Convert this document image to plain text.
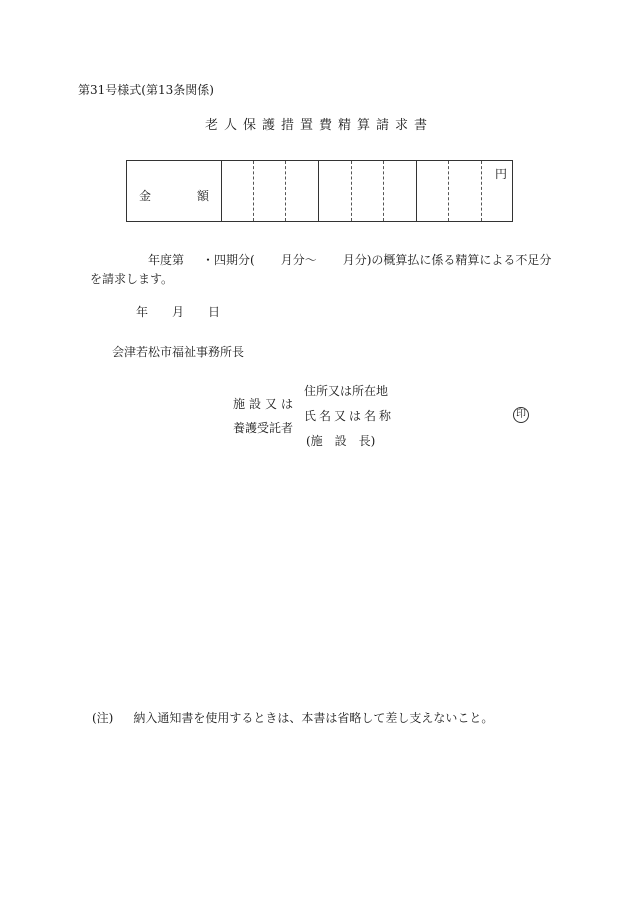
第31号様式(第13条関係)
老人保護措置費精算請求書
金	額
円
年度第 ・四期分( 月分〜 月分)の概算払に係る精算による不足分
を請求します。
年 月 日
会津若松市福祉事務所長
施設又は
養護受託者
住所又は所在地
氏名又は名称
(施　設　長)
印
(注) 納入通知書を使用するときは、本書は省略して差し支えないこと。
